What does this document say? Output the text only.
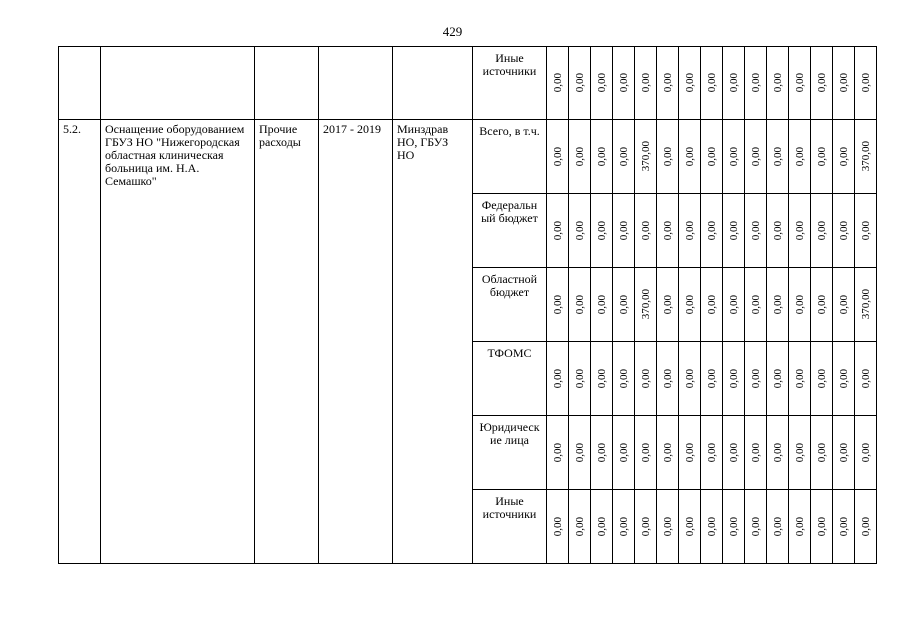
429
					Иные источники	0,00	0,00	0,00	0,00	0,00	0,00	0,00	0,00	0,00	0,00	0,00	0,00	0,00	0,00	0,00

5.2.	Оснащение оборудованием ГБУЗ НО "Нижегородская областная клиническая больница им. Н.А. Семашко"	Прочие расходы	2017 - 2019	Минздрав НО, ГБУЗ НО	Всего, в т.ч.	0,00	0,00	0,00	0,00	370,00	0,00	0,00	0,00	0,00	0,00	0,00	0,00	0,00	0,00	370,00

					Федеральн ый бюджет	0,00	0,00	0,00	0,00	0,00	0,00	0,00	0,00	0,00	0,00	0,00	0,00	0,00	0,00	0,00

					Областной бюджет	0,00	0,00	0,00	0,00	370,00	0,00	0,00	0,00	0,00	0,00	0,00	0,00	0,00	0,00	370,00

					ТФОМС	0,00	0,00	0,00	0,00	0,00	0,00	0,00	0,00	0,00	0,00	0,00	0,00	0,00	0,00	0,00

					Юридическ ие лица	0,00	0,00	0,00	0,00	0,00	0,00	0,00	0,00	0,00	0,00	0,00	0,00	0,00	0,00	0,00

					Иные источники	0,00	0,00	0,00	0,00	0,00	0,00	0,00	0,00	0,00	0,00	0,00	0,00	0,00	0,00	0,00
